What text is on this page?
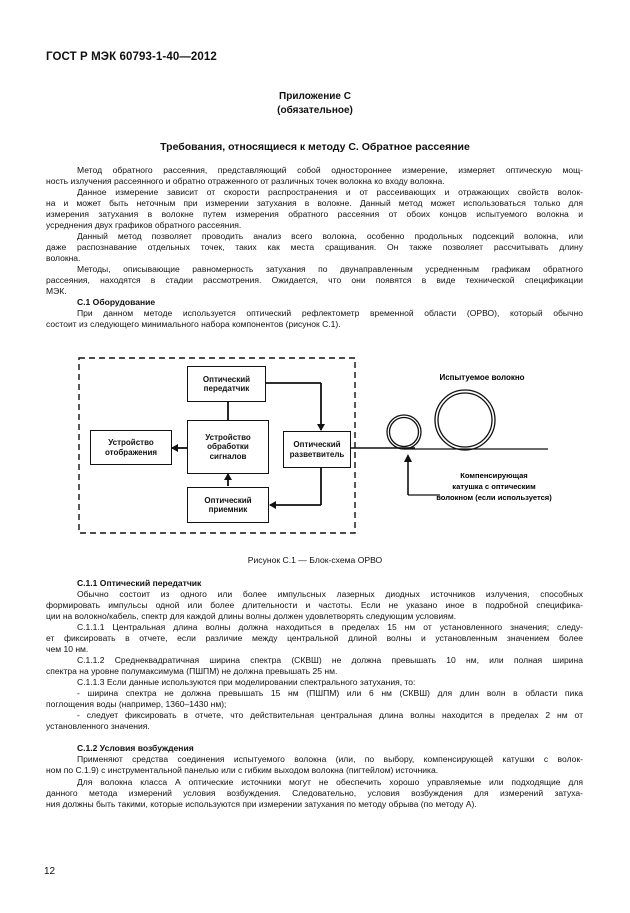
ГОСТ Р МЭК 60793-1-40—2012
Приложение С
(обязательное)
Требования, относящиеся к методу С. Обратное рассеяние
Метод обратного рассеяния, представляющий собой одностороннее измерение, измеряет оптическую мощ-
ность излучения рассеянного и обратно отраженного от различных точек волокна ко входу волокна.
Данное измерение зависит от скорости распространения и от рассеивающих и отражающих свойств волок-
на и может быть неточным при измерении затухания в волокне. Данный метод может использоваться только для
измерения затухания в волокне путем измерения обратного рассеяния от обоих концов испытуемого волокна и
усреднения двух графиков обратного рассеяния.
Данный метод позволяет проводить анализ всего волокна, особенно продольных подсекций волокна, или
даже распознавание отдельных точек, таких как места сращивания. Он также позволяет рассчитывать длину
волокна.
Методы, описывающие равномерность затухания по двунаправленным усредненным графикам обратного
рассеяния, находятся в стадии рассмотрения. Ожидается, что они появятся в виде технической спецификации
МЭК.
С.1 Оборудование
При данном методе используется оптический рефлектометр временной области (ОРВО), который обычно
состоит из следующего минимального набора компонентов (рисунок С.1).
Испытуемое волокно
Компенсирующая
катушка с оптическим
волокном (если используется)
Оптический
передатчик
Устройство
обработки
сигналов
Устройство
отображения
Оптический
разветвитель
Оптический
приемник
Рисунок С.1 — Блок-схема ОРВО
С.1.1 Оптический передатчик
Обычно состоит из одного или более импульсных лазерных диодных источников излучения, способных
формировать импульсы одной или более длительности и частоты. Если не указано иное в подробной специфика-
ции на волокно/кабель, спектр для каждой длины волны должен удовлетворять следующим условиям.
С.1.1.1 Центральная длина волны должна находиться в пределах 15 нм от установленного значения; следу-
ет фиксировать в отчете, если различие между центральной длиной волны и установленным значением более
чем 10 нм.
С.1.1.2 Среднеквадратичная ширина спектра (СКВШ) не должна превышать 10 нм, или полная ширина
спектра на уровне полумаксимума (ПШПМ) не должна превышать 25 нм.
С.1.1.3 Если данные используются при моделировании спектрального затухания, то:
- ширина спектра не должна превышать 15 нм (ПШПМ) или 6 нм (СКВШ) для длин волн в области пика
поглощения воды (например, 1360–1430 нм);
- следует фиксировать в отчете, что действительная центральная длина волны находится в пределах 2 нм от
установленного значения.
С.1.2 Условия возбуждения
Применяют средства соединения испытуемого волокна (или, по выбору, компенсирующей катушки с волок-
ном по С.1.9) с инструментальной панелью или с гибким выходом волокна (пигтейлом) источника.
Для волокна класса А оптические источники могут не обеспечить хорошо управляемые или подходящие для
данного метода измерений условия возбуждения. Следовательно, условия возбуждения для измерений затуха-
ния должны быть такими, которые используются при измерении затухания по методу обрыва (по методу А).
12
